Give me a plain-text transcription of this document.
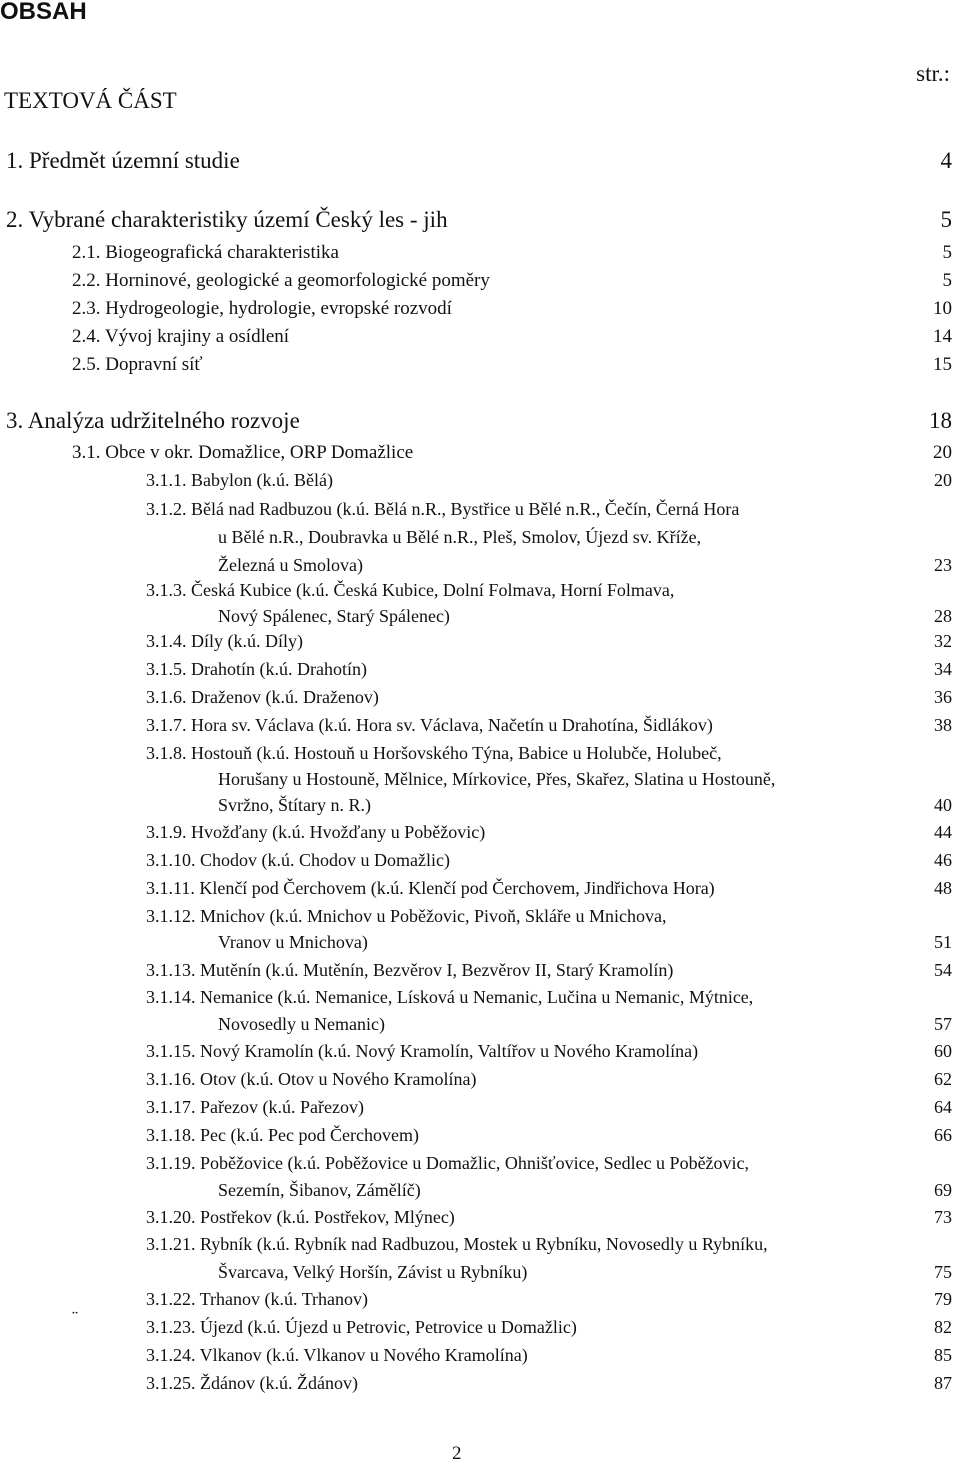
OBSAH
str.:
TEXTOVÁ ČÁST
1. Předmět územní studie	4
2. Vybrané charakteristiky území Český les - jih	5
2.1. Biogeografická charakteristika	5
2.2. Horninové, geologické a geomorfologické poměry	5
2.3. Hydrogeologie, hydrologie, evropské rozvodí	10
2.4. Vývoj krajiny a osídlení	14
2.5. Dopravní síť	15
3. Analýza udržitelného rozvoje	18
3.1. Obce v okr. Domažlice, ORP Domažlice	20
3.1.1. Babylon (k.ú. Bělá)	20
3.1.2. Bělá nad Radbuzou (k.ú. Bělá n.R., Bystřice u Bělé n.R., Čečín, Černá Hora
u Bělé n.R., Doubravka u Bělé n.R., Pleš, Smolov, Újezd sv. Kříže,
Železná u Smolova)	23
3.1.3. Česká Kubice (k.ú. Česká Kubice, Dolní Folmava, Horní Folmava,
Nový Spálenec, Starý Spálenec)	28
3.1.4. Díly (k.ú. Díly)	32
3.1.5. Drahotín (k.ú. Drahotín)	34
3.1.6. Draženov (k.ú. Draženov)	36
3.1.7. Hora sv. Václava (k.ú. Hora sv. Václava, Načetín u Drahotína, Šidlákov)	38
3.1.8. Hostouň (k.ú. Hostouň u Horšovského Týna, Babice u Holubče, Holubeč,
Horušany u Hostouně, Mělnice, Mírkovice, Přes, Skařez, Slatina u Hostouně,
Svržno, Štítary n. R.)	40
3.1.9. Hvožďany (k.ú. Hvožďany u Poběžovic)	44
3.1.10. Chodov (k.ú. Chodov u Domažlic)	46
3.1.11. Klenčí pod Čerchovem (k.ú. Klenčí pod Čerchovem, Jindřichova Hora)	48
3.1.12. Mnichov (k.ú. Mnichov u Poběžovic, Pivoň, Skláře u Mnichova,
Vranov u Mnichova)	51
3.1.13. Mutěnín (k.ú. Mutěnín, Bezvěrov I, Bezvěrov II, Starý Kramolín)	54
3.1.14. Nemanice (k.ú. Nemanice, Lísková u Nemanic, Lučina u Nemanic, Mýtnice,
Novosedly u Nemanic)	57
3.1.15. Nový Kramolín (k.ú. Nový Kramolín, Valtířov u Nového Kramolína)	60
3.1.16. Otov (k.ú. Otov u Nového Kramolína)	62
3.1.17. Pařezov (k.ú. Pařezov)	64
3.1.18. Pec (k.ú. Pec pod Čerchovem)	66
3.1.19. Poběžovice (k.ú. Poběžovice u Domažlic, Ohnišťovice, Sedlec u Poběžovic,
Sezemín, Šibanov, Zámělíč)	69
3.1.20. Postřekov (k.ú. Postřekov, Mlýnec)	73
3.1.21. Rybník (k.ú. Rybník nad Radbuzou, Mostek u Rybníku, Novosedly u Rybníku,
Švarcava, Velký Horšín, Závist u Rybníku)	75
3.1.22. Trhanov (k.ú. Trhanov)	79
3.1.23. Újezd (k.ú. Újezd u Petrovic, Petrovice u Domažlic)	82
3.1.24. Vlkanov (k.ú. Vlkanov u Nového Kramolína)	85
3.1.25. Ždánov (k.ú. Ždánov)	87
¨
2
